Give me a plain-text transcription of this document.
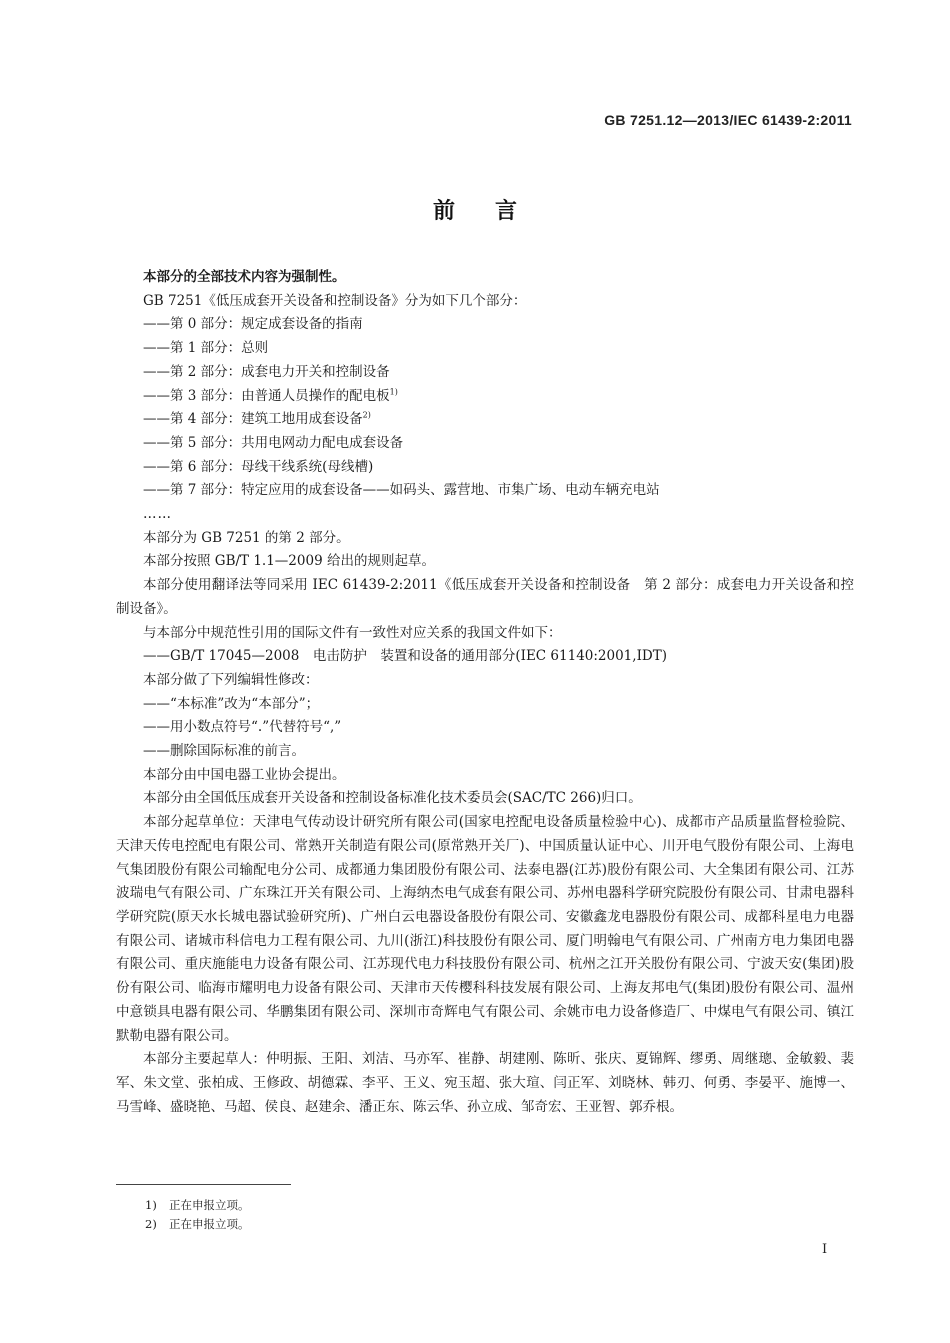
GB 7251.12—2013/IEC 61439-2:2011
前言

本部分的全部技术内容为强制性。

GB 7251《低压成套开关设备和控制设备》分为如下几个部分：

——第 0 部分：规定成套设备的指南

——第 1 部分：总则

——第 2 部分：成套电力开关和控制设备

——第 3 部分：由普通人员操作的配电板$^{1)}$

——第 4 部分：建筑工地用成套设备$^{2)}$

——第 5 部分：共用电网动力配电成套设备

——第 6 部分：母线干线系统(母线槽)

——第 7 部分：特定应用的成套设备——如码头、露营地、市集广场、电动车辆充电站

……

本部分为 GB 7251 的第 2 部分。

本部分按照 GB/T 1.1—2009 给出的规则起草。

本部分使用翻译法等同采用 IEC 61439-2:2011《低压成套开关设备和控制设备　第 2 部分：成套电力开关设备和控制设备》。

与本部分中规范性引用的国际文件有一致性对应关系的我国文件如下：

——GB/T 17045—2008　电击防护　装置和设备的通用部分(IEC 61140:2001,IDT)

本部分做了下列编辑性修改：

——“本标准”改为“本部分”；

——用小数点符号“.”代替符号“,”

——删除国际标准的前言。

本部分由中国电器工业协会提出。

本部分由全国低压成套开关设备和控制设备标准化技术委员会(SAC/TC 266)归口。

本部分起草单位：天津电气传动设计研究所有限公司(国家电控配电设备质量检验中心)、成都市产品质量监督检验院、天津天传电控配电有限公司、常熟开关制造有限公司(原常熟开关厂)、中国质量认证中心、川开电气股份有限公司、上海电气集团股份有限公司输配电分公司、成都通力集团股份有限公司、法泰电器(江苏)股份有限公司、大全集团有限公司、江苏波瑞电气有限公司、广东珠江开关有限公司、上海纳杰电气成套有限公司、苏州电器科学研究院股份有限公司、甘肃电器科学研究院(原天水长城电器试验研究所)、广州白云电器设备股份有限公司、安徽鑫龙电器股份有限公司、成都科星电力电器有限公司、诸城市科信电力工程有限公司、九川(浙江)科技股份有限公司、厦门明翰电气有限公司、广州南方电力集团电器有限公司、重庆施能电力设备有限公司、江苏现代电力科技股份有限公司、杭州之江开关股份有限公司、宁波天安(集团)股份有限公司、临海市耀明电力设备有限公司、天津市天传樱科科技发展有限公司、上海友邦电气(集团)股份有限公司、温州中意锁具电器有限公司、华鹏集团有限公司、深圳市奇辉电气有限公司、余姚市电力设备修造厂、中煤电气有限公司、镇江默勒电器有限公司。

本部分主要起草人：仲明振、王阳、刘洁、马亦军、崔静、胡建刚、陈昕、张庆、夏锦辉、缪勇、周继璁、金敏毅、裴军、朱文堂、张柏成、王修政、胡德霖、李平、王义、宛玉超、张大瑄、闫正军、刘晓林、韩刃、何勇、李晏平、施博一、马雪峰、盛晓艳、马超、侯良、赵建余、潘正东、陈云华、孙立成、邹奇宏、王亚智、郭乔根。

1) 正在申报立项。
2) 正在申报立项。
I
